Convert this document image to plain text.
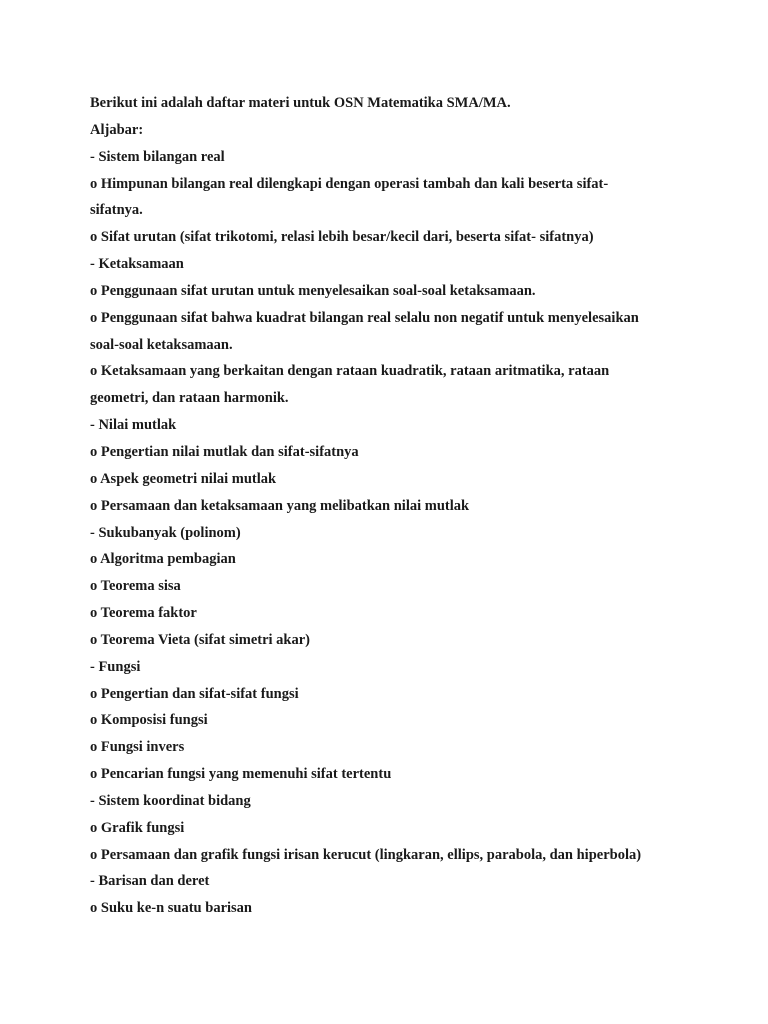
Berikut ini adalah daftar materi untuk OSN Matematika SMA/MA.
Aljabar:
- Sistem bilangan real
o Himpunan bilangan real dilengkapi dengan operasi tambah dan kali beserta sifat-
sifatnya.
o Sifat urutan (sifat trikotomi, relasi lebih besar/kecil dari, beserta sifat- sifatnya)
- Ketaksamaan
o Penggunaan sifat urutan untuk menyelesaikan soal-soal ketaksamaan.
o Penggunaan sifat bahwa kuadrat bilangan real selalu non negatif untuk menyelesaikan
soal-soal ketaksamaan.
o Ketaksamaan yang berkaitan dengan rataan kuadratik, rataan aritmatika, rataan
geometri, dan rataan harmonik.
- Nilai mutlak
o Pengertian nilai mutlak dan sifat-sifatnya
o Aspek geometri nilai mutlak
o Persamaan dan ketaksamaan yang melibatkan nilai mutlak
- Sukubanyak (polinom)
o Algoritma pembagian
o Teorema sisa
o Teorema faktor
o Teorema Vieta (sifat simetri akar)
- Fungsi
o Pengertian dan sifat-sifat fungsi
o Komposisi fungsi
o Fungsi invers
o Pencarian fungsi yang memenuhi sifat tertentu
- Sistem koordinat bidang
o Grafik fungsi
o Persamaan dan grafik fungsi irisan kerucut (lingkaran, ellips, parabola, dan hiperbola)
- Barisan dan deret
o Suku ke-n suatu barisan
